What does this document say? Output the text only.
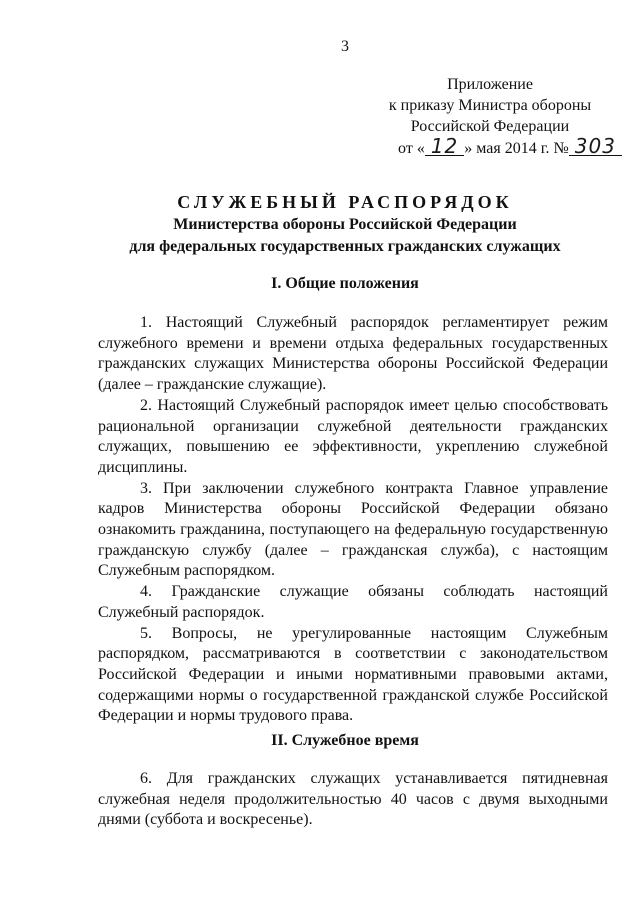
3
Приложение
к приказу Министра обороны
Российской Федерации
от « 12 » мая 2014 г. № 303
СЛУЖЕБНЫЙ РАСПОРЯДОК
Министерства обороны Российской Федерации
для федеральных государственных гражданских служащих
I. Общие положения

1. Настоящий Служебный распорядок регламентирует режим служебного времени и времени отдыха федеральных государственных гражданских служащих Министерства обороны Российской Федерации (далее – гражданские служащие).

2. Настоящий Служебный распорядок имеет целью способствовать рациональной организации служебной деятельности гражданских служащих, повышению ее эффективности, укреплению служебной дисциплины.

3. При заключении служебного контракта Главное управление кадров Министерства обороны Российской Федерации обязано ознакомить гражданина, поступающего на федеральную государственную гражданскую службу (далее – гражданская служба), с настоящим Служебным распорядком.

4. Гражданские служащие обязаны соблюдать настоящий Служебный распорядок.

5. Вопросы, не урегулированные настоящим Служебным распорядком, рассматриваются в соответствии с законодательством Российской Федерации и иными нормативными правовыми актами, содержащими нормы о государственной гражданской службе Российской Федерации и нормы трудового права.

II. Служебное время

6. Для гражданских служащих устанавливается пятидневная служебная неделя продолжительностью 40 часов с двумя выходными днями (суббота и воскресенье).
